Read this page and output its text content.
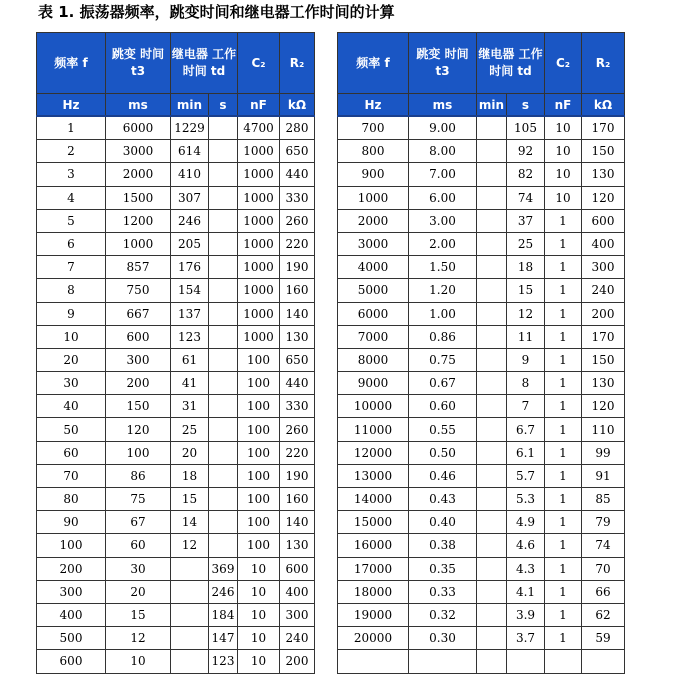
表 1. 振荡器频率，跳变时间和继电器工作时间的计算
频率 f	跳变 时间 t3	继电器 工作时间 td		C₂	R₂
Hz	ms	min	s	nF	kΩ
1	6000	1229		4700	280
2	3000	614		1000	650
3	2000	410		1000	440
4	1500	307		1000	330
5	1200	246		1000	260
6	1000	205		1000	220
7	857	176		1000	190
8	750	154		1000	160
9	667	137		1000	140
10	600	123		1000	130
20	300	61		100	650
30	200	41		100	440
40	150	31		100	330
50	120	25		100	260
60	100	20		100	220
70	86	18		100	190
80	75	15		100	160
90	67	14		100	140
100	60	12		100	130
200	30		369	10	600
300	20		246	10	400
400	15		184	10	300
500	12		147	10	240
600	10		123	10	200
频率 f	跳变 时间 t3	继电器 工作时间 td		C₂	R₂
Hz	ms	min	s	nF	kΩ
700	9.00		105	10	170
800	8.00		92	10	150
900	7.00		82	10	130
1000	6.00		74	10	120
2000	3.00		37	1	600
3000	2.00		25	1	400
4000	1.50		18	1	300
5000	1.20		15	1	240
6000	1.00		12	1	200
7000	0.86		11	1	170
8000	0.75		9	1	150
9000	0.67		8	1	130
10000	0.60		7	1	120
11000	0.55		6.7	1	110
12000	0.50		6.1	1	99
13000	0.46		5.7	1	91
14000	0.43		5.3	1	85
15000	0.40		4.9	1	79
16000	0.38		4.6	1	74
17000	0.35		4.3	1	70
18000	0.33		4.1	1	66
19000	0.32		3.9	1	62
20000	0.30		3.7	1	59
